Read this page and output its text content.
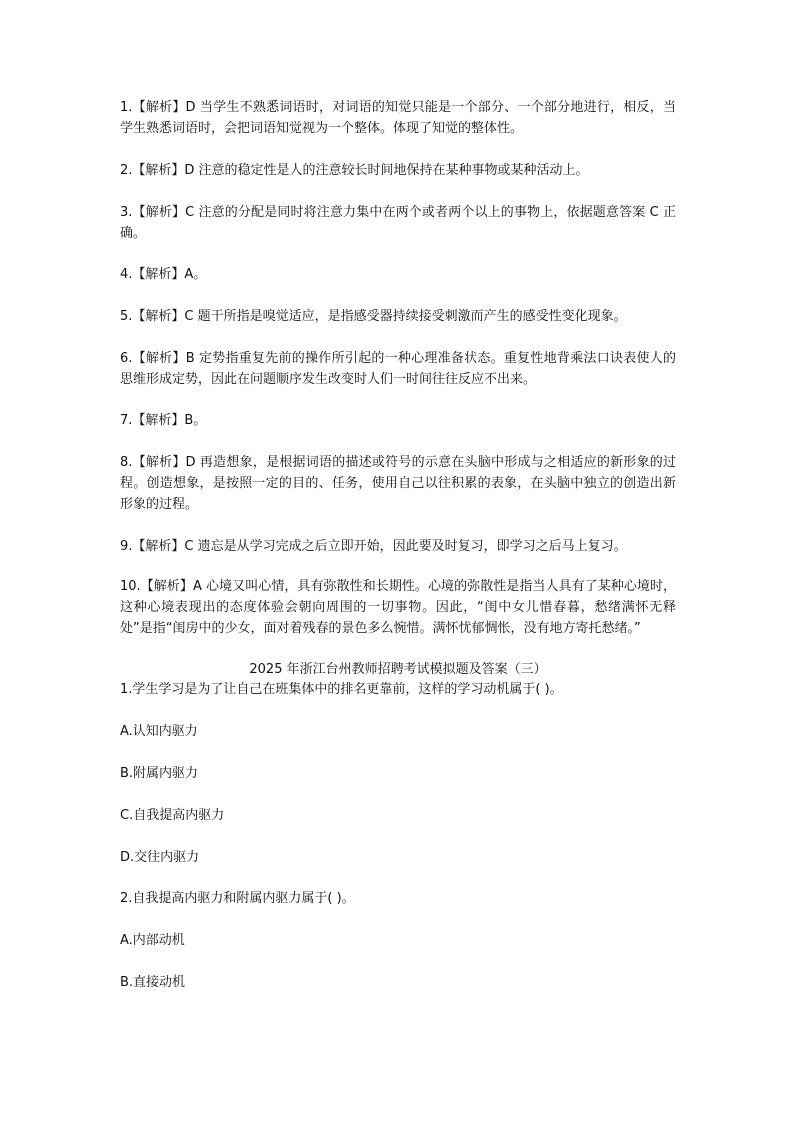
1.【解析】D 当学生不熟悉词语时，对词语的知觉只能是一个部分、一个部分地进行，相反，当学生熟悉词语时，会把词语知觉视为一个整体。体现了知觉的整体性。

2.【解析】D 注意的稳定性是人的注意较长时间地保持在某种事物或某种活动上。

3.【解析】C 注意的分配是同时将注意力集中在两个或者两个以上的事物上，依据题意答案 C 正确。

4.【解析】A。

5.【解析】C 题干所指是嗅觉适应，是指感受器持续接受刺激而产生的感受性变化现象。

6.【解析】B 定势指重复先前的操作所引起的一种心理准备状态。重复性地背乘法口诀表使人的思维形成定势，因此在问题顺序发生改变时人们一时间往往反应不出来。

7.【解析】B。

8.【解析】D 再造想象，是根据词语的描述或符号的示意在头脑中形成与之相适应的新形象的过程。创造想象，是按照一定的目的、任务，使用自己以往积累的表象，在头脑中独立的创造出新形象的过程。

9.【解析】C 遗忘是从学习完成之后立即开始，因此要及时复习，即学习之后马上复习。

10.【解析】A 心境又叫心情，具有弥散性和长期性。心境的弥散性是指当人具有了某种心境时，这种心境表现出的态度体验会朝向周围的一切事物。因此，“闺中女儿惜春暮，愁绪满怀无释处”是指“闺房中的少女，面对着残春的景色多么惋惜。满怀忧郁惆怅，没有地方寄托愁绪。”

2025 年浙江台州教师招聘考试模拟题及答案（三）

1.学生学习是为了让自己在班集体中的排名更靠前，这样的学习动机属于( )。

A.认知内驱力

B.附属内驱力

C.自我提高内驱力

D.交往内驱力

2.自我提高内驱力和附属内驱力属于( )。

A.内部动机

B.直接动机
